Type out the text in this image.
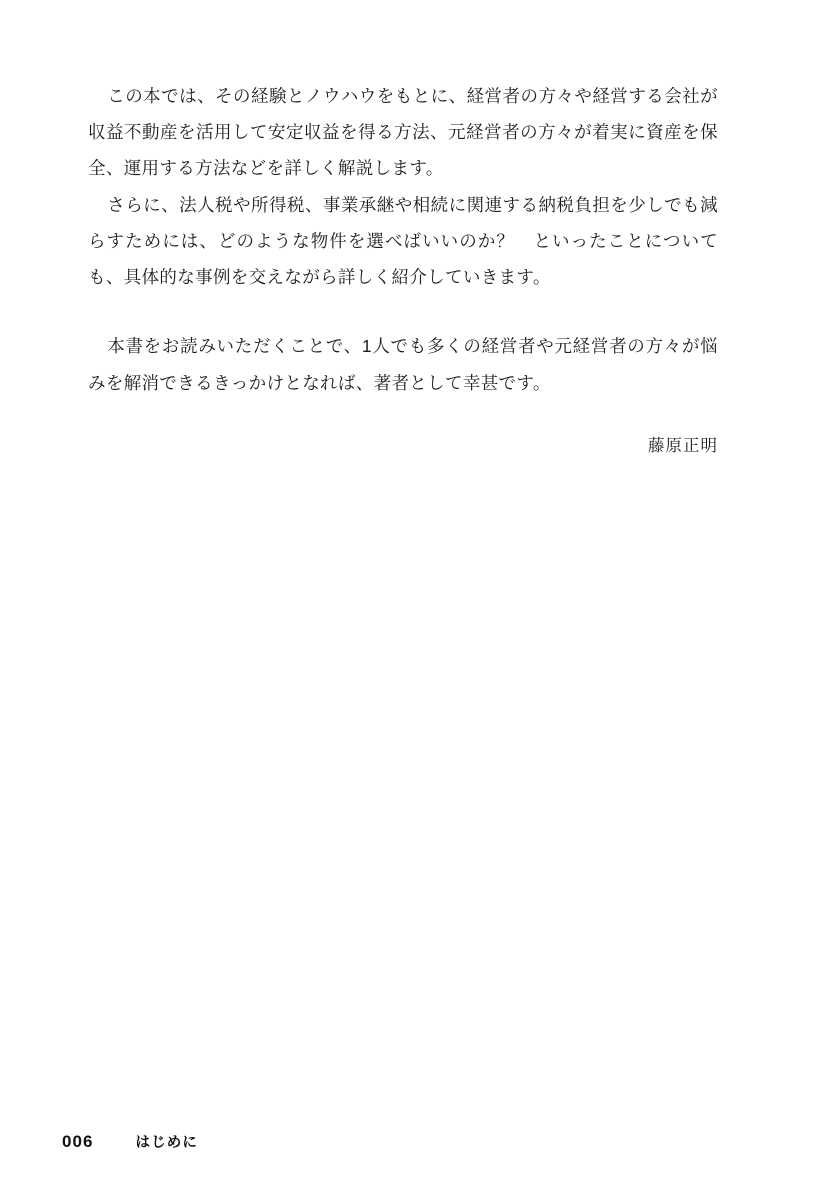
この本では、その経験とノウハウをもとに、経営者の方々や経営する会社が収益不動産を活用して安定収益を得る方法、元経営者の方々が着実に資産を保全、運用する方法などを詳しく解説します。

さらに、法人税や所得税、事業承継や相続に関連する納税負担を少しでも減らすためには、どのような物件を選べばいいのか？　といったことについても、具体的な事例を交えながら詳しく紹介していきます。

本書をお読みいただくことで、1人でも多くの経営者や元経営者の方々が悩みを解消できるきっかけとなれば、著者として幸甚です。

藤原正明
006	はじめに
